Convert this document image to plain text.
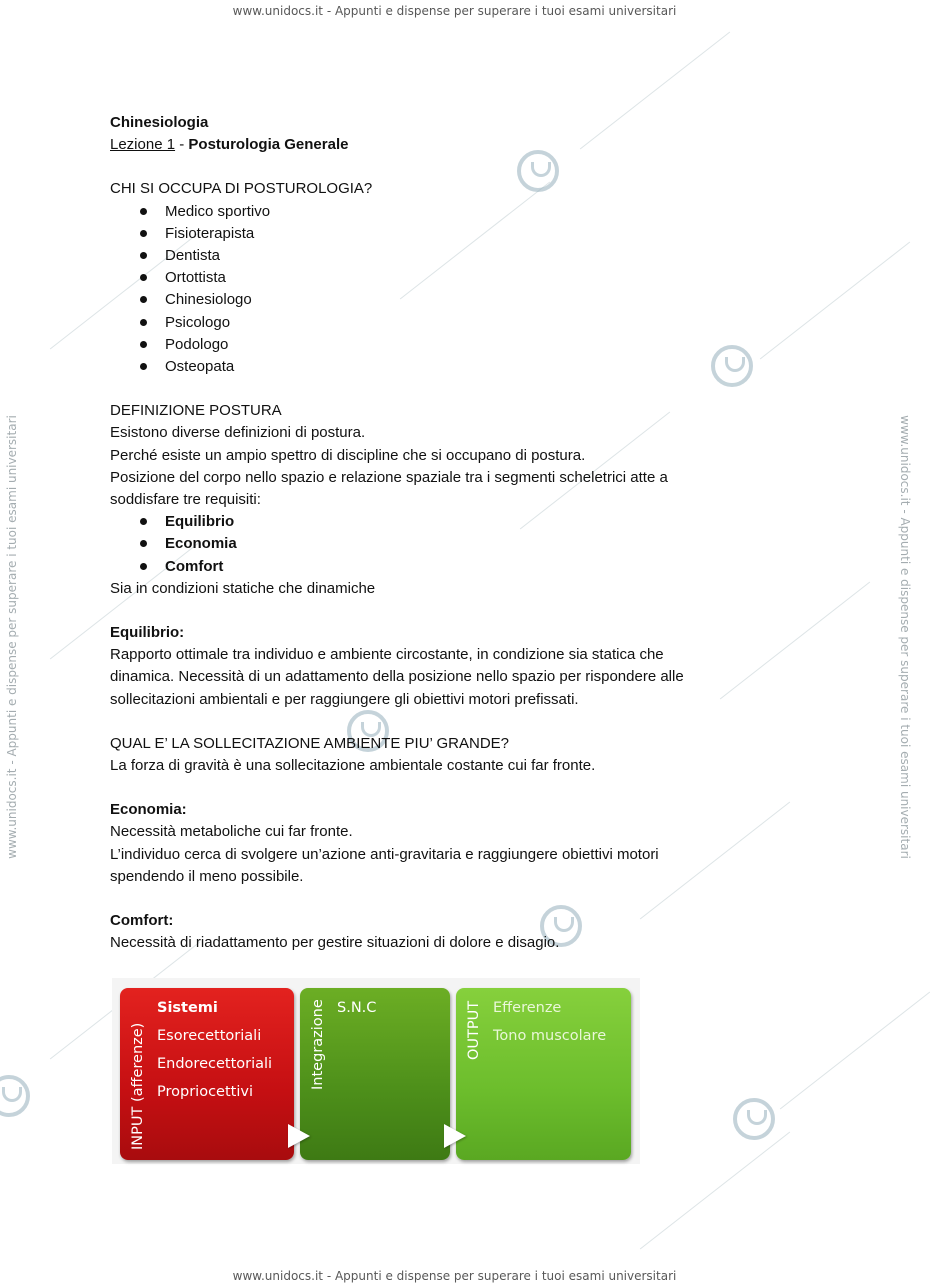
www.unidocs.it - Appunti e dispense per superare i tuoi esami universitari
www.unidocs.it - Appunti e dispense per superare i tuoi esami universitari
www.unidocs.it - Appunti e dispense per superare i tuoi esami universitari	www.unidocs.it - Appunti e dispense per superare i tuoi esami universitari

Chinesiologia

Lezione 1 - Posturologia Generale

CHI SI OCCUPA DI POSTUROLOGIA?

Medico sportivo
Fisioterapista
Dentista
Ortottista
Chinesiologo
Psicologo
Podologo
Osteopata

DEFINIZIONE POSTURA

Esistono diverse definizioni di postura.

Perché esiste un ampio spettro di discipline che si occupano di postura.

Posizione del corpo nello spazio e relazione spaziale tra i segmenti scheletrici atte a

soddisfare tre requisiti:

Equilibrio
Economia
Comfort

Sia in condizioni statiche che dinamiche

Equilibrio:

Rapporto ottimale tra individuo e ambiente circostante, in condizione sia statica che

dinamica. Necessità di un adattamento della posizione nello spazio per rispondere alle

sollecitazioni ambientali e per raggiungere gli obiettivi motori prefissati.

QUAL E’ LA SOLLECITAZIONE AMBIENTE PIU’ GRANDE?

La forza di gravità è una sollecitazione ambientale costante cui far fronte.

Economia:

Necessità metaboliche cui far fronte.

L’individuo cerca di svolgere un’azione anti-gravitaria e raggiungere obiettivi motori

spendendo il meno possibile.

Comfort:

Necessità di riadattamento per gestire situazioni di dolore e disagio.

INPUT (afferenze)
Sistemi
Esorecettoriali
Endorecettoriali
Propriocettivi
Integrazione S.N.C	OUTPUT Efferenze
Tono muscolare
